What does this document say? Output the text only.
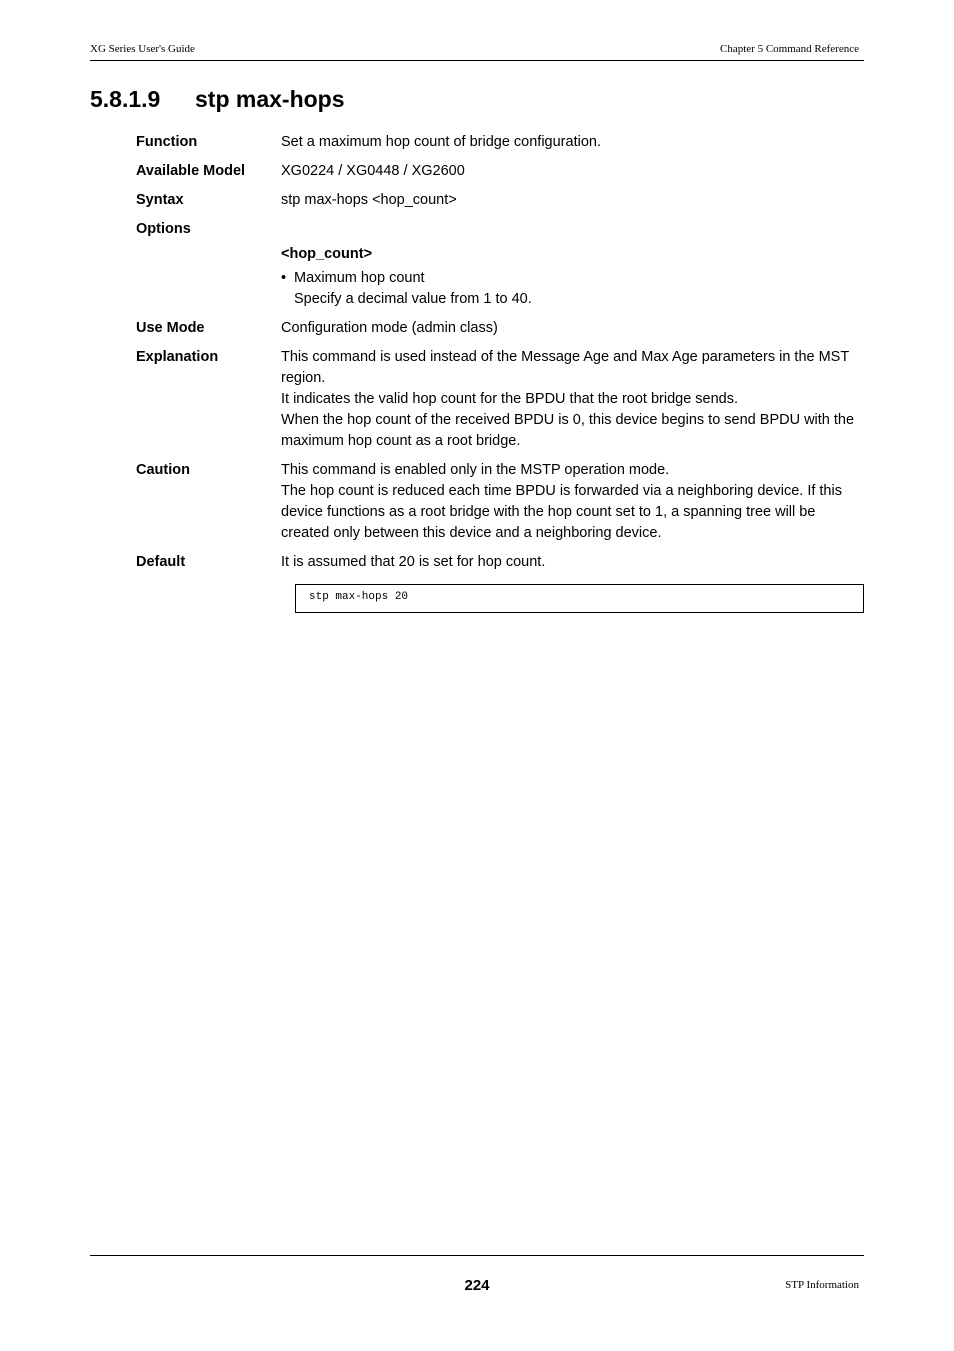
XG Series User's Guide	Chapter 5 Command Reference
5.8.1.9 stp max-hops
Function	Set a maximum hop count of bridge configuration.
Available Model	XG0224 / XG0448 / XG2600
Syntax	stp max-hops <hop_count>
Options
<hop_count>
• Maximum hop count
Specify a decimal value from 1 to 40.
Use Mode	Configuration mode (admin class)
Explanation	This command is used instead of the Message Age and Max Age parameters in the MST region.
It indicates the valid hop count for the BPDU that the root bridge sends.
When the hop count of the received BPDU is 0, this device begins to send BPDU with the maximum hop count as a root bridge.
Caution	This command is enabled only in the MSTP operation mode.
The hop count is reduced each time BPDU is forwarded via a neighboring device. If this device functions as a root bridge with the hop count set to 1, a spanning tree will be created only between this device and a neighboring device.
Default	It is assumed that 20 is set for hop count.
stp max-hops 20
224	STP Information
